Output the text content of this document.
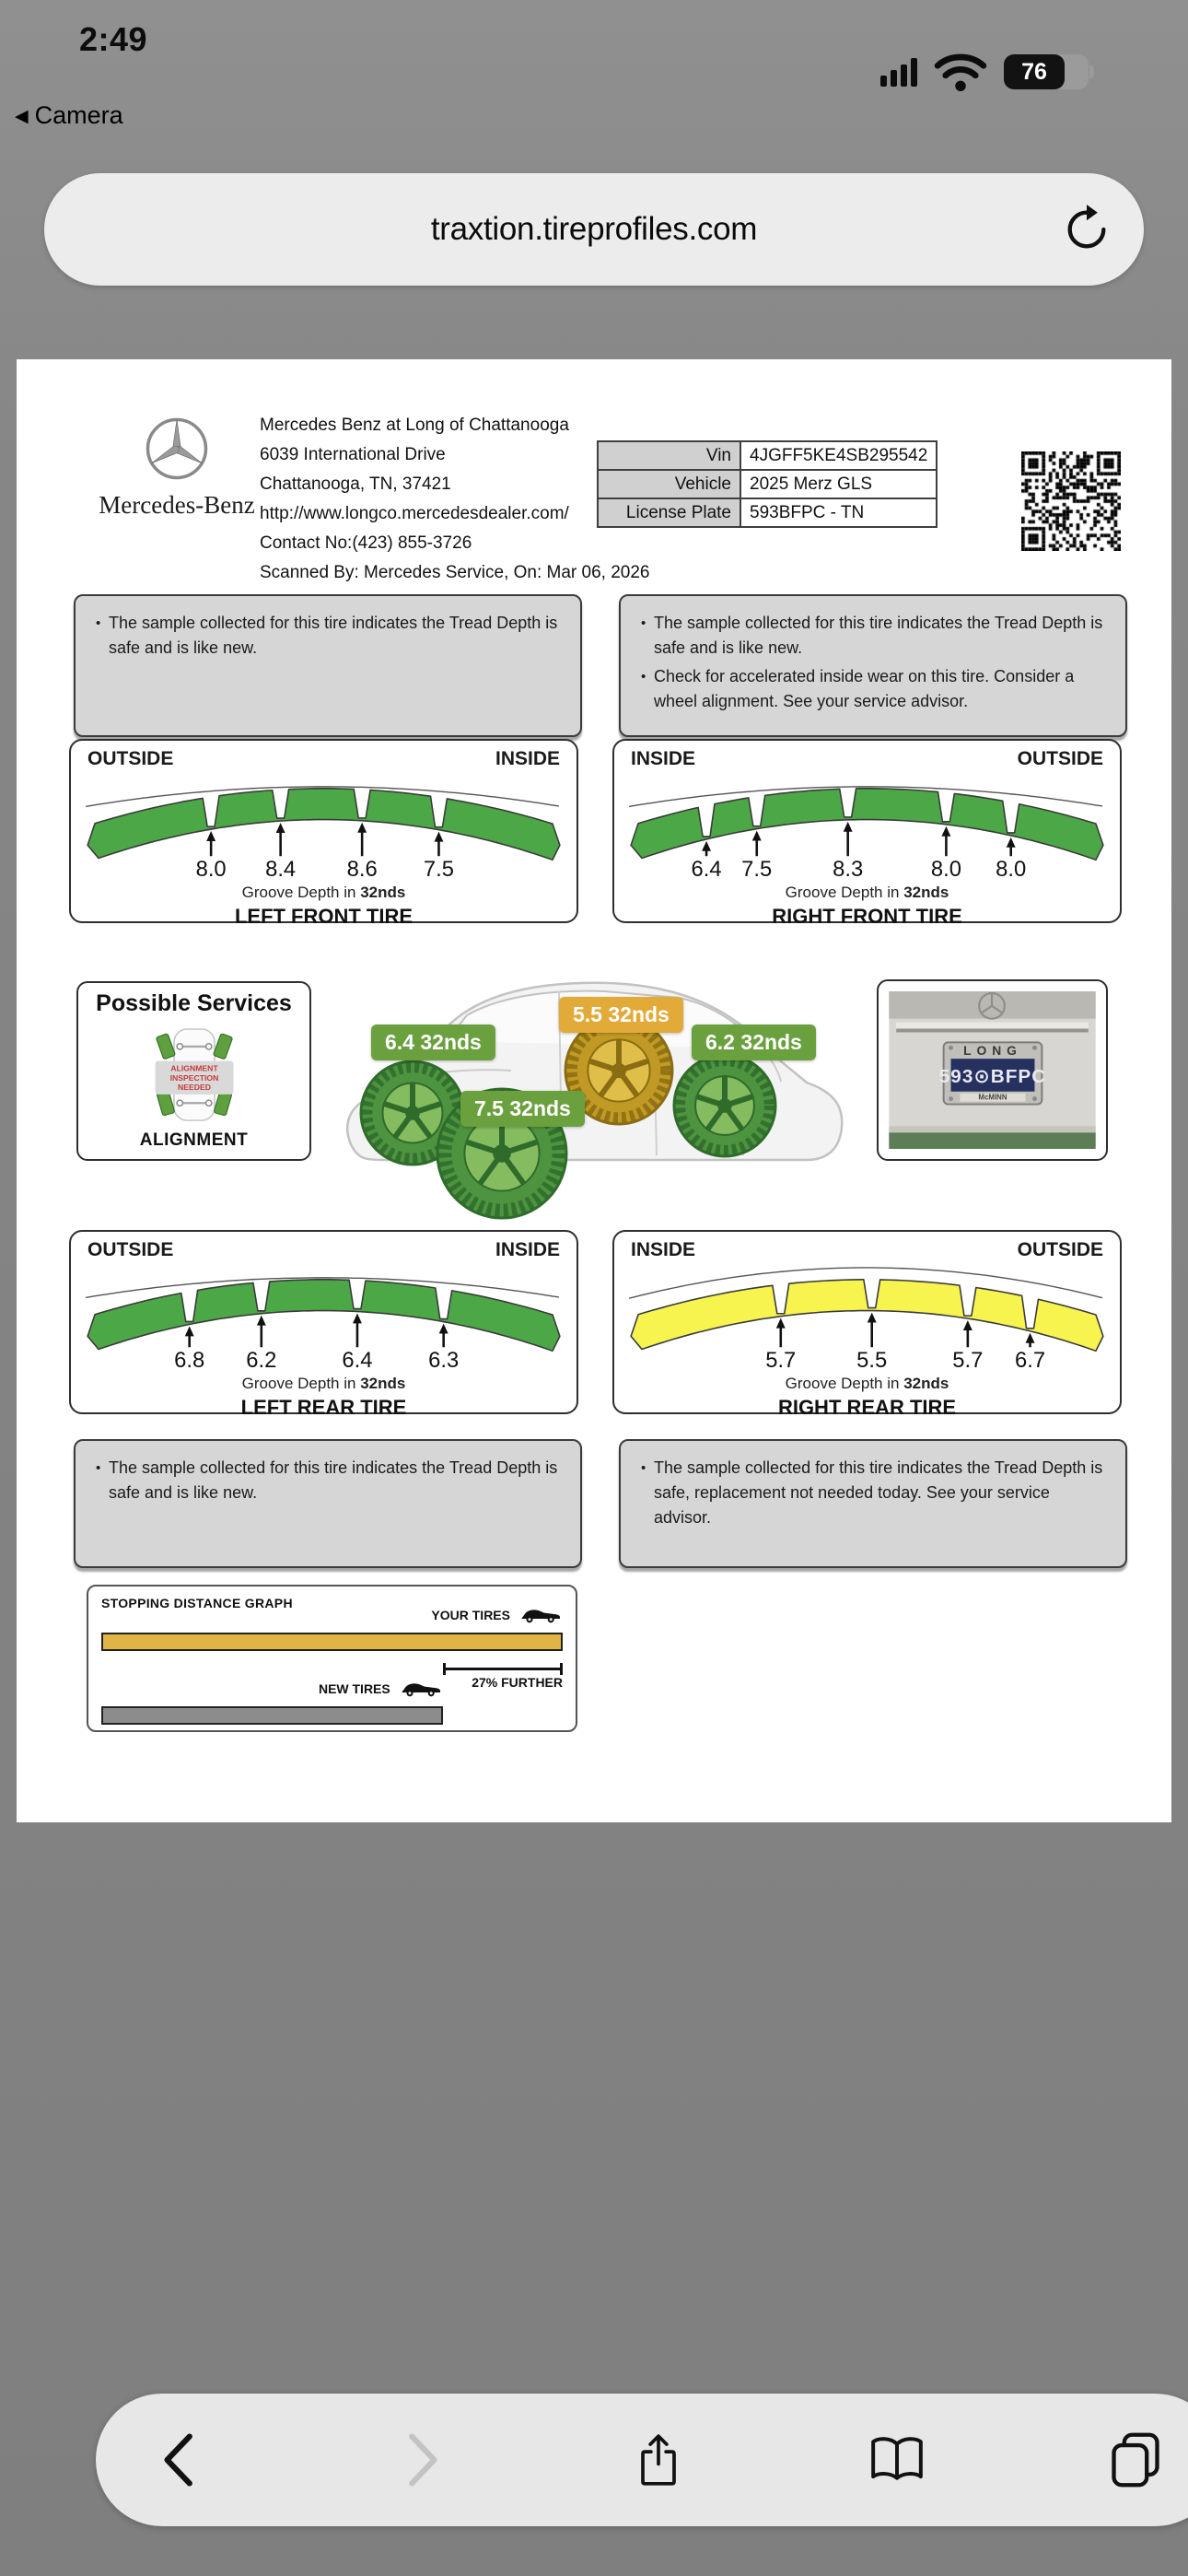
2:49
◀ Camera
76
traxtion.tireprofiles.com
Mercedes-Benz
Mercedes Benz at Long of Chattanooga
6039 International Drive
Chattanooga, TN, 37421
http://www.longco.mercedesdealer.com/
Contact No:(423) 855-3726
Scanned By: Mercedes Service, On: Mar 06, 2026
Vin	4JGFF5KE4SB295542
Vehicle	2025 Merz GLS
License Plate	593BFPC - TN
• The sample collected for this tire indicates the Tread Depth is safe and is like new.
• The sample collected for this tire indicates the Tread Depth is safe and is like new.
• Check for accelerated inside wear on this tire. Consider a wheel alignment. See your service advisor.
OUTSIDE	INSIDE
8.0 8.4 8.6 7.5
Groove Depth in 32nds
LEFT FRONT TIRE
INSIDE	OUTSIDE
6.4 7.5	8.3	8.0 8.0
Groove Depth in 32nds
RIGHT FRONT TIRE
Possible Services
ALIGNMENT
INSPECTION
NEEDED
ALIGNMENT
6.4 32nds
7.5 32nds
5.5 32nds
6.2 32nds	LONG
593⊙BFPC
McMINN
OUTSIDE	INSIDE
6.8 6.2	6.4	6.3
Groove Depth in 32nds
LEFT REAR TIRE
INSIDE	OUTSIDE
5.7	5.5	5.7 6.7
Groove Depth in 32nds
RIGHT REAR TIRE
• The sample collected for this tire indicates the Tread Depth is safe and is like new.
• The sample collected for this tire indicates the Tread Depth is safe, replacement not needed today. See your service advisor.
STOPPING DISTANCE GRAPH
YOUR TIRES
27% FURTHER
NEW TIRES
